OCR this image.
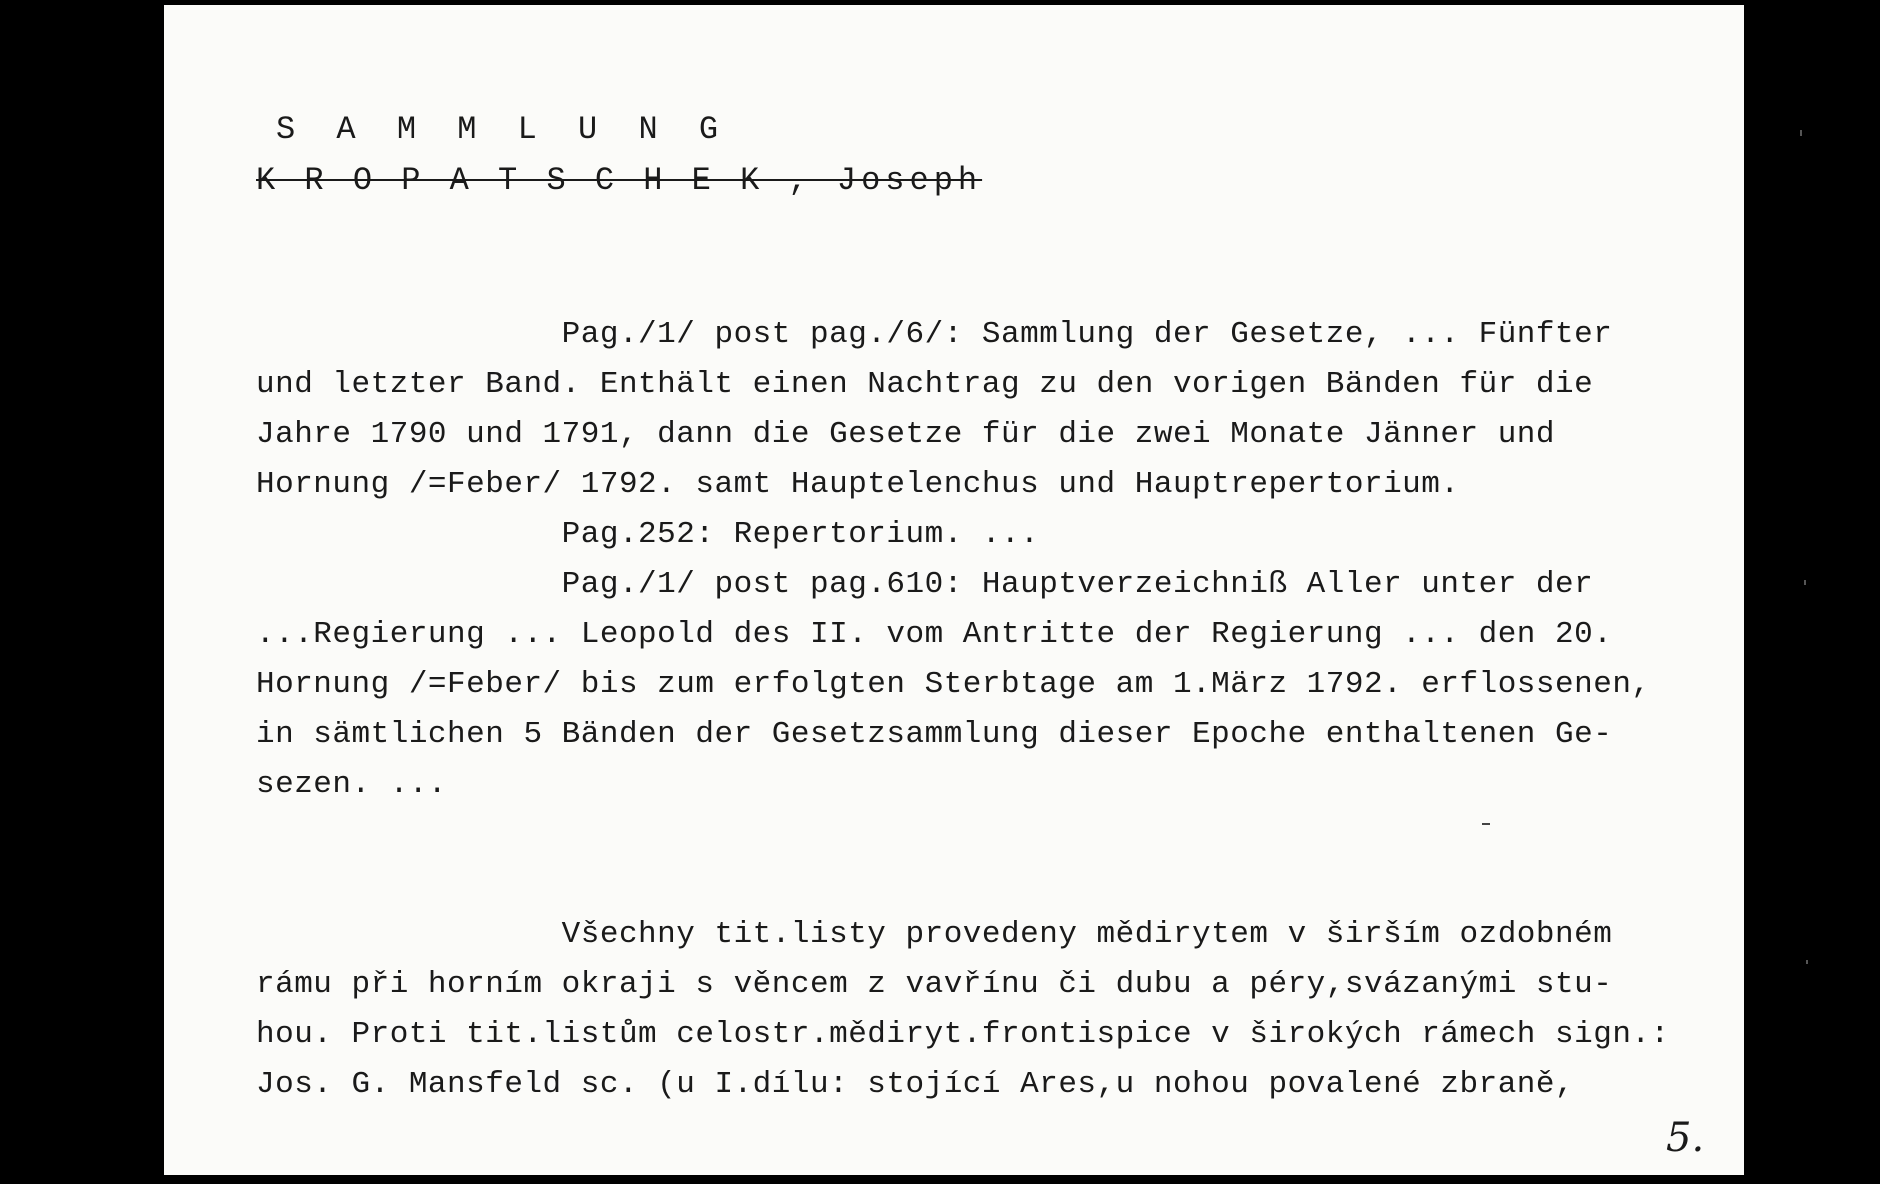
S A M M L U N G
K R O P A T S C H E K , Joseph
Pag./1/ post pag./6/: Sammlung der Gesetze, ... Fünfter
und letzter Band. Enthält einen Nachtrag zu den vorigen Bänden für die
Jahre 1790 und 1791, dann die Gesetze für die zwei Monate Jänner und
Hornung /=Feber/ 1792. samt Hauptelenchus und Hauptrepertorium.
Pag.252: Repertorium. ...
Pag./1/ post pag.610: Hauptverzeichniß Aller unter der
...Regierung ... Leopold des II. vom Antritte der Regierung ... den 20.
Hornung /=Feber/ bis zum erfolgten Sterbtage am 1.März 1792. erflossenen,
in sämtlichen 5 Bänden der Gesetzsammlung dieser Epoche enthaltenen Ge-
sezen. ...
Všechny tit.listy provedeny mědirytem v širším ozdobném
rámu při horním okraji s věncem z vavřínu či dubu a péry,svázanými stu-
hou. Proti tit.listům celostr.mědiryt.frontispice v širokých rámech sign.:
Jos. G. Mansfeld sc. (u I.dílu: stojící Ares,u nohou povalené zbraně,
5.
